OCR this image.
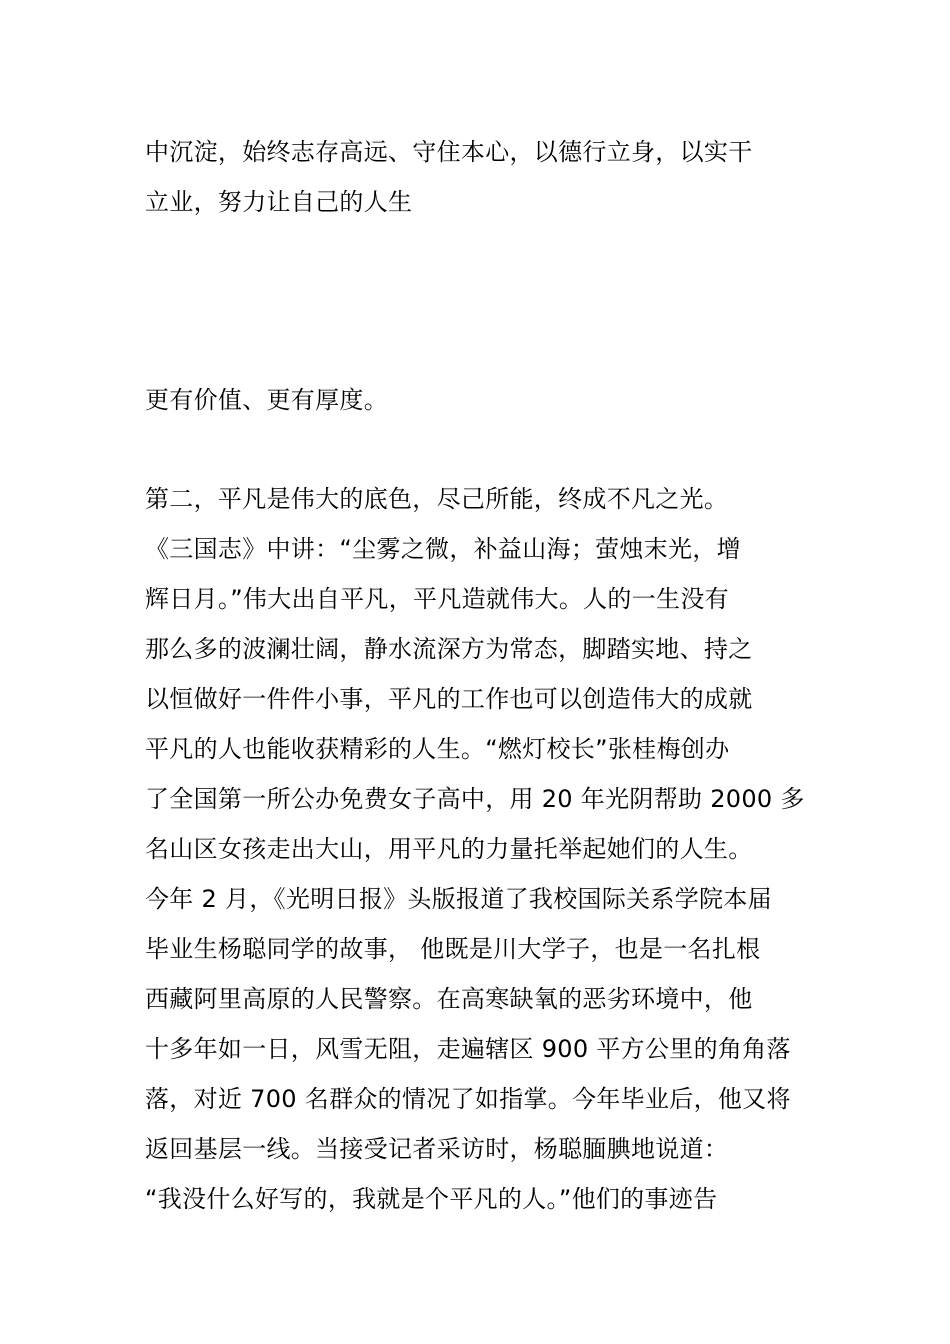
中沉淀，始终志存高远、守住本心，以德行立身，以实干
立业，努力让自己的人生
更有价值、更有厚度。
第二，平凡是伟大的底色，尽己所能，终成不凡之光。
《三国志》中讲：“尘雾之微，补益山海；萤烛末光，增
辉日月。”伟大出自平凡，平凡造就伟大。人的一生没有
那么多的波澜壮阔，静水流深方为常态，脚踏实地、持之
以恒做好一件件小事，平凡的工作也可以创造伟大的成就
平凡的人也能收获精彩的人生。“燃灯校长”张桂梅创办
了全国第一所公办免费女子高中，用 20 年光阴帮助 2000 多
名山区女孩走出大山，用平凡的力量托举起她们的人生。
今年 2 月，《光明日报》头版报道了我校国际关系学院本届
毕业生杨聪同学的故事， 他既是川大学子，也是一名扎根
西藏阿里高原的人民警察。在高寒缺氧的恶劣环境中，他
十多年如一日，风雪无阻，走遍辖区 900 平方公里的角角落
落，对近 700 名群众的情况了如指掌。今年毕业后，他又将
返回基层一线。当接受记者采访时，杨聪腼腆地说道：
“我没什么好写的，我就是个平凡的人。”他们的事迹告
